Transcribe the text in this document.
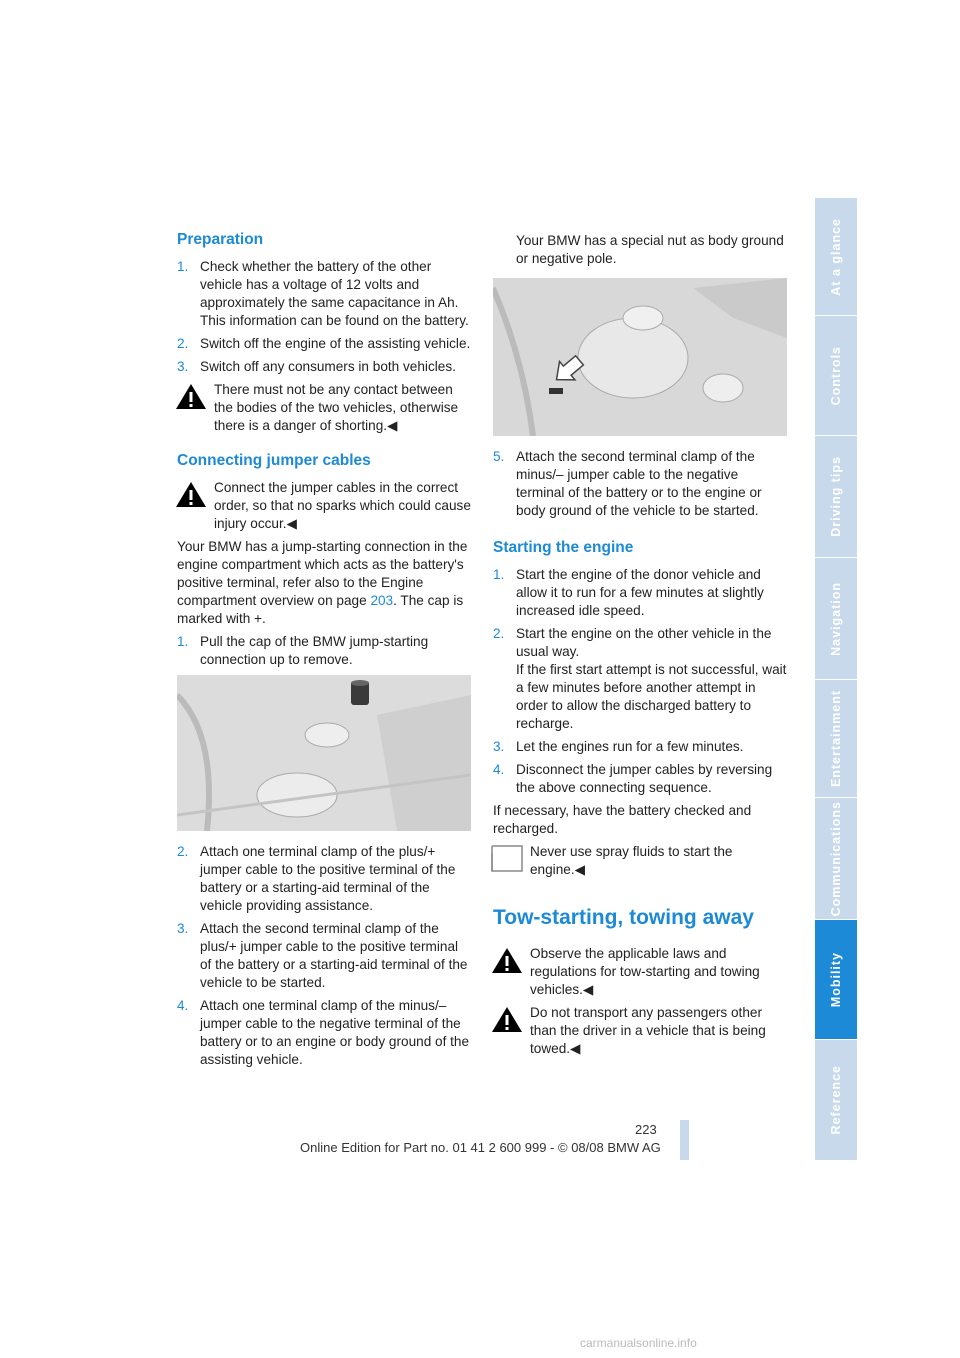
Preparation
1. Check whether the battery of the other vehicle has a voltage of 12 volts and approximately the same capacitance in Ah. This information can be found on the battery.
2. Switch off the engine of the assisting vehicle.
3. Switch off any consumers in both vehicles.

There must not be any contact between the bodies of the two vehicles, otherwise there is a danger of shorting.◀

Connecting jumper cables

Connect the jumper cables in the correct order, so that no sparks which could cause injury occur.◀

Your BMW has a jump-starting connection in the engine compartment which acts as the battery's positive terminal, refer also to the Engine compartment overview on page 203. The cap is marked with +.

1. Pull the cap of the BMW jump-starting connection up to remove.
2. Attach one terminal clamp of the plus/+ jumper cable to the positive terminal of the battery or a starting-aid terminal of the vehicle providing assistance.
3. Attach the second terminal clamp of the plus/+ jumper cable to the positive terminal of the battery or a starting-aid terminal of the vehicle to be started.
4. Attach one terminal clamp of the minus/– jumper cable to the negative terminal of the battery or to an engine or body ground of the assisting vehicle.

Your BMW has a special nut as body ground or negative pole.

5. Attach the second terminal clamp of the minus/– jumper cable to the negative terminal of the battery or to the engine or body ground of the vehicle to be started.
Starting the engine
1. Start the engine of the donor vehicle and allow it to run for a few minutes at slightly increased idle speed.
2. Start the engine on the other vehicle in the usual way.
If the first start attempt is not successful, wait a few minutes before another attempt in order to allow the discharged battery to recharge.
3. Let the engines run for a few minutes.
4. Disconnect the jumper cables by reversing the above connecting sequence.

If necessary, have the battery checked and recharged.

Never use spray fluids to start the engine.◀

Tow-starting, towing away

Observe the applicable laws and regulations for tow-starting and towing vehicles.◀

Do not transport any passengers other than the driver in a vehicle that is being towed.◀

At a glance
Controls
Driving tips
Navigation
Entertainment
Communications
Mobility
Reference
223
Online Edition for Part no. 01 41 2 600 999 - © 08/08 BMW AG
carmanualsonline.info
